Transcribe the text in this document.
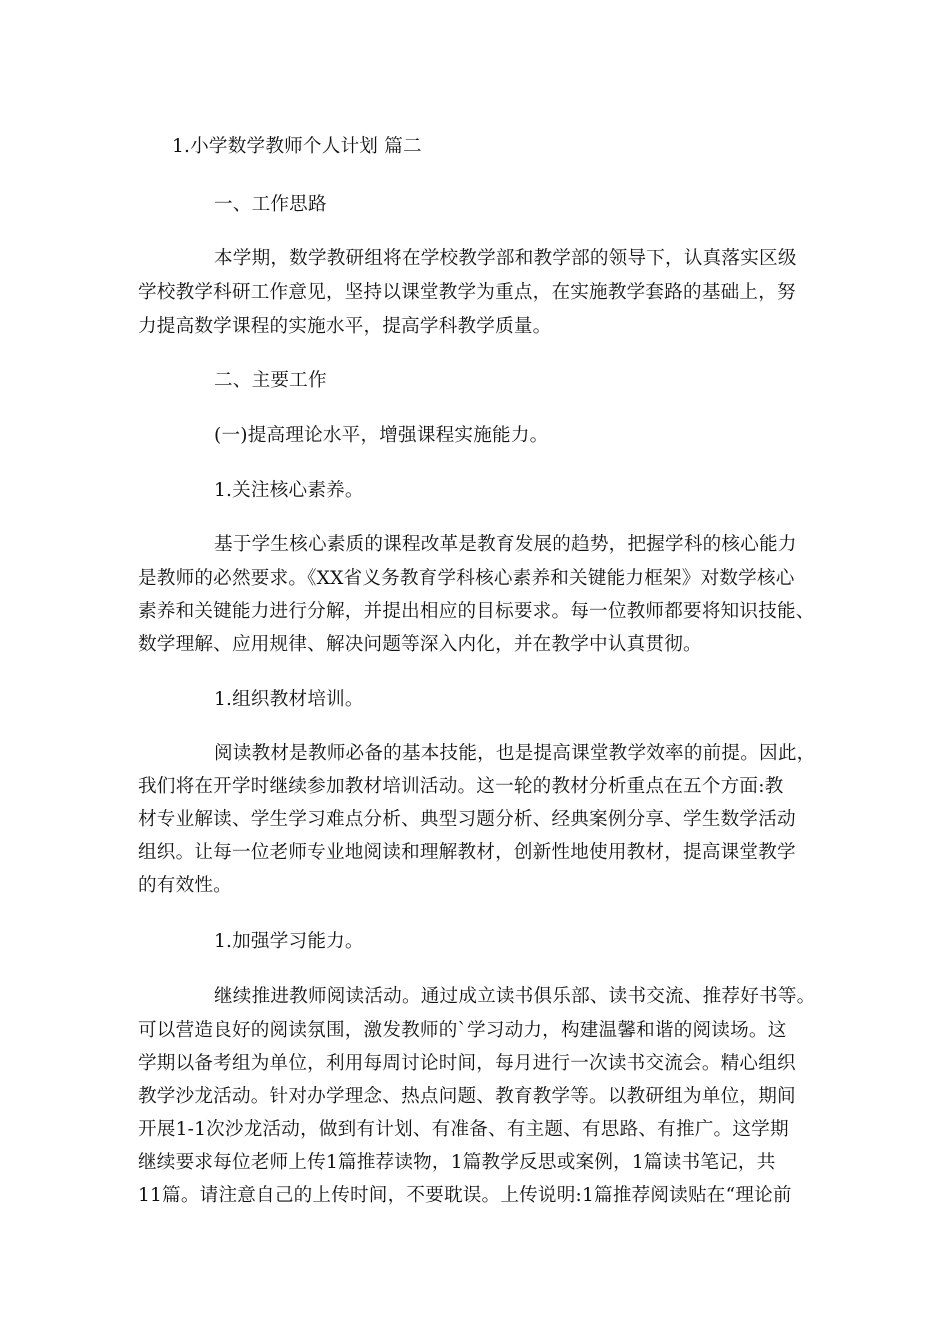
1.小学数学教师个人计划 篇二
一、工作思路
本学期，数学教研组将在学校教学部和教学部的领导下，认真落实区级
学校教学科研工作意见，坚持以课堂教学为重点，在实施教学套路的基础上，努
力提高数学课程的实施水平，提高学科教学质量。
二、主要工作
(一)提高理论水平，增强课程实施能力。
1.关注核心素养。
基于学生核心素质的课程改革是教育发展的趋势，把握学科的核心能力
是教师的必然要求。《XX省义务教育学科核心素养和关键能力框架》对数学核心
素养和关键能力进行分解，并提出相应的目标要求。每一位教师都要将知识技能、
数学理解、应用规律、解决问题等深入内化，并在教学中认真贯彻。
1.组织教材培训。
阅读教材是教师必备的基本技能，也是提高课堂教学效率的前提。因此，
我们将在开学时继续参加教材培训活动。这一轮的教材分析重点在五个方面:教
材专业解读、学生学习难点分析、典型习题分析、经典案例分享、学生数学活动
组织。让每一位老师专业地阅读和理解教材，创新性地使用教材，提高课堂教学
的有效性。
1.加强学习能力。
继续推进教师阅读活动。通过成立读书俱乐部、读书交流、推荐好书等。
可以营造良好的阅读氛围，激发教师的`学习动力，构建温馨和谐的阅读场。这
学期以备考组为单位，利用每周讨论时间，每月进行一次读书交流会。精心组织
教学沙龙活动。针对办学理念、热点问题、教育教学等。以教研组为单位，期间
开展1-1次沙龙活动，做到有计划、有准备、有主题、有思路、有推广。这学期
继续要求每位老师上传1篇推荐读物，1篇教学反思或案例，1篇读书笔记，共
11篇。请注意自己的上传时间，不要耽误。上传说明:1篇推荐阅读贴在“理论前
